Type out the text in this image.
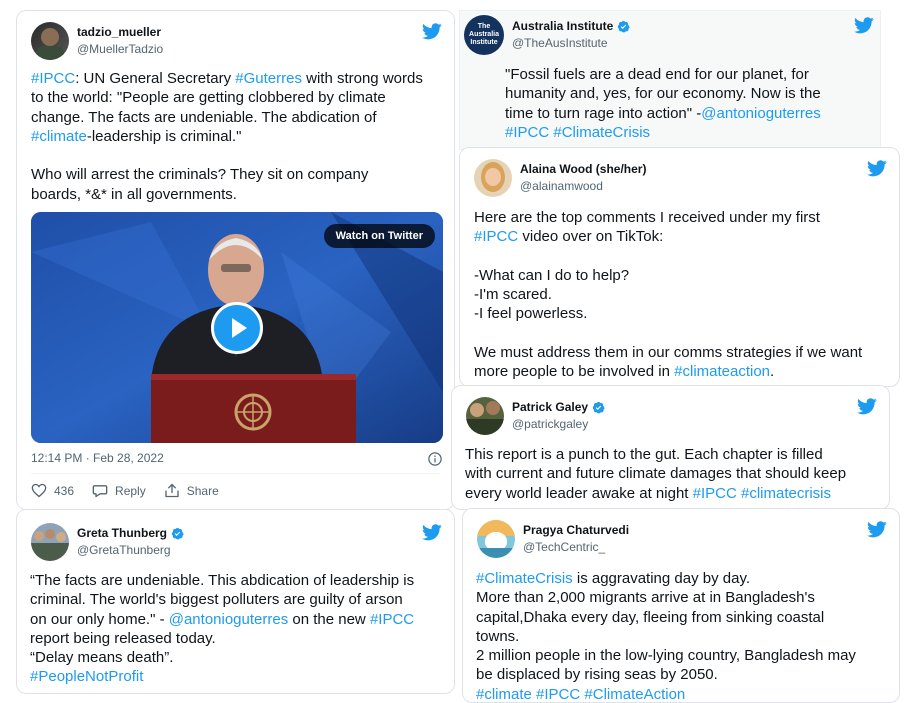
tadzio_mueller
@MuellerTadzio
#IPCC: UN General Secretary #Guterres with strong words
to the world: "People are getting clobbered by climate
change. The facts are undeniable. The abdication of
#climate-leadership is criminal."
Who will arrest the criminals? They sit on company
boards, *&* in all governments.
Watch on Twitter
12:14 PM · Feb 28, 2022
436	Reply	Share
The Australia Institute
Australia Institute
@TheAusInstitute
"Fossil fuels are a dead end for our planet, for
humanity and, yes, for our economy. Now is the
time to turn rage into action" -@antonioguterres
#IPCC #ClimateCrisis
Alaina Wood (she/her)
@alainamwood
Here are the top comments I received under my first
#IPCC video over on TikTok:
-What can I do to help?
-I'm scared.
-I feel powerless.
We must address them in our comms strategies if we want
more people to be involved in #climateaction.
Patrick Galey
@patrickgaley
This report is a punch to the gut. Each chapter is filled
with current and future climate damages that should keep
every world leader awake at night #IPCC #climatecrisis
Greta Thunberg
@GretaThunberg
“The facts are undeniable. This abdication of leadership is
criminal. The world's biggest polluters are guilty of arson
on our only home." - @antonioguterres on the new #IPCC
report being released today.
“Delay means death”.
#PeopleNotProfit
Pragya Chaturvedi
@TechCentric_
#ClimateCrisis is aggravating day by day.
More than 2,000 migrants arrive at in Bangladesh's
capital,Dhaka every day, fleeing from sinking coastal
towns.
2 million people in the low-lying country, Bangladesh may
be displaced by rising seas by 2050.
#climate #IPCC #ClimateAction
